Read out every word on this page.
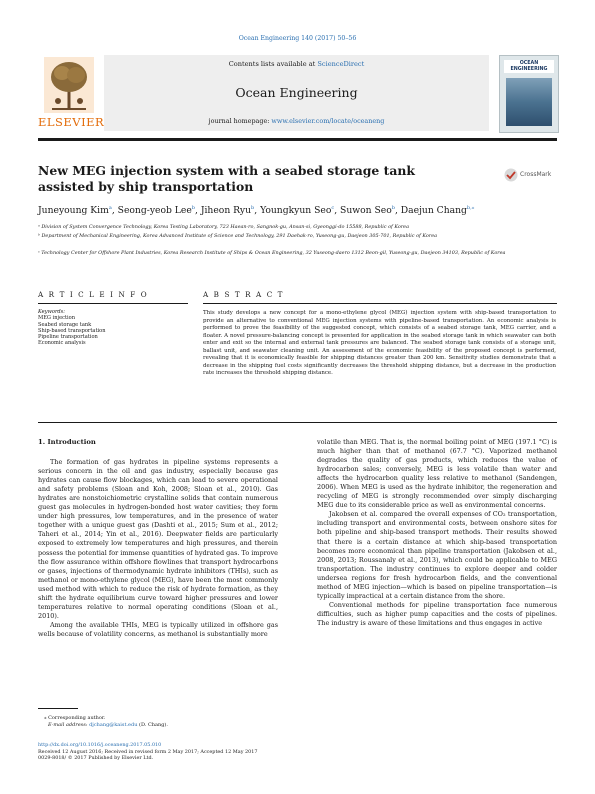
Ocean Engineering 140 (2017) 50–56
ELSEVIER
Contents lists available at ScienceDirect
Ocean Engineering
journal homepage: www.elsevier.com/locate/oceaneng
OCEAN
ENGINEERING
New MEG injection system with a seabed storage tank assisted by ship transportation
CrossMark
Juneyoung Kim$^a$, Seong-yeob Lee$^b$, Jiheon Ryu$^b$, Youngkyun Seo$^c$, Suwon Seo$^b$, Daejun Chang$^{b,⁎}$
ᵃ Division of System Convergence Technology, Korea Testing Laboratory, 723 Haean-ro, Sangnok-gu, Ansan-si, Gyeonggi-do 15588, Republic of Korea
ᵇ Department of Mechanical Engineering, Korea Advanced Institute of Science and Technology, 291 Daehak-ro, Yuseong-gu, Daejeon 305-701, Republic of Korea
ᶜ Technology Center for Offshore Plant Industries, Korea Research Institute of Ships & Ocean Engineering, 32 Yuseong-daero 1312 Beon-gil, Yuseong-gu, Daejeon 34103, Republic of Korea
A R T I C L E I N F O	A B S T R A C T
Keywords:
MEG injection
Seabed storage tank
Ship-based transportation
Pipeline transportation
Economic analysis
This study develops a new concept for a mono-ethylene glycol (MEG) injection system with ship-based transportation to provide an alternative to conventional MEG injection systems with pipeline-based transportation. An economic analysis is performed to prove the feasibility of the suggested concept, which consists of a seabed storage tank, MEG carrier, and a floater. A novel pressure-balancing concept is presented for application in the seabed storage tank in which seawater can both enter and exit so the internal and external tank pressures are balanced. The seabed storage tank consists of a storage unit, ballast unit, and seawater cleaning unit. An assessment of the economic feasibility of the proposed concept is performed, revealing that it is economically feasible for shipping distances greater than 200 km. Sensitivity studies demonstrate that a decrease in the shipping fuel costs significantly decreases the threshold shipping distance, but a decrease in the production rate increases the threshold shipping distance.
1. Introduction

The formation of gas hydrates in pipeline systems represents a serious concern in the oil and gas industry, especially because gas hydrates can cause flow blockages, which can lead to severe operational and safety problems (Sloan and Koh, 2008; Sloan et al., 2010). Gas hydrates are nonstoichiometric crystalline solids that contain numerous guest gas molecules in hydrogen-bonded host water cavities; they form under high pressures, low temperatures, and in the presence of water together with a unique guest gas (Dashti et al., 2015; Sum et al., 2012; Taheri et al., 2014; Yin et al., 2016). Deepwater fields are particularly exposed to extremely low temperatures and high pressures, and therein possess the potential for immense quantities of hydrated gas. To improve the flow assurance within offshore flowlines that transport hydrocarbons or gases, injections of thermodynamic hydrate inhibitors (THIs), such as methanol or mono-ethylene glycol (MEG), have been the most commonly used method with which to reduce the risk of hydrate formation, as they shift the hydrate equilibrium curve toward higher pressures and lower temperatures relative to normal operating conditions (Sloan et al., 2010).

Among the available THIs, MEG is typically utilized in offshore gas wells because of volatility concerns, as methanol is substantially more

volatile than MEG. That is, the normal boiling point of MEG (197.1 °C) is much higher than that of methanol (67.7 °C). Vaporized methanol degrades the quality of gas products, which reduces the value of hydrocarbon sales; conversely, MEG is less volatile than water and affects the hydrocarbon quality less relative to methanol (Sandengen, 2006). When MEG is used as the hydrate inhibitor, the regeneration and recycling of MEG is strongly recommended over simply discharging MEG due to its considerable price as well as environmental concerns.

Jakobsen et al. compared the overall expenses of CO₂ transportation, including transport and environmental costs, between onshore sites for both pipeline and ship-based transport methods. Their results showed that there is a certain distance at which ship-based transportation becomes more economical than pipeline transportation (Jakobsen et al., 2008, 2013; Roussanaly et al., 2013), which could be applicable to MEG transportation. The industry continues to explore deeper and colder undersea regions for fresh hydrocarbon fields, and the conventional method of MEG injection—which is based on pipeline transportation—is typically impractical at a certain distance from the shore.

Conventional methods for pipeline transportation face numerous difficulties, such as higher pump capacities and the costs of pipelines. The industry is aware of these limitations and thus engages in active

⁎ Corresponding author.
E-mail address: djchang@kaist.edu (D. Chang).
http://dx.doi.org/10.1016/j.oceaneng.2017.05.010
Received 12 August 2016; Received in revised form 2 May 2017; Accepted 12 May 2017
0029-8018/ © 2017 Published by Elsevier Ltd.
